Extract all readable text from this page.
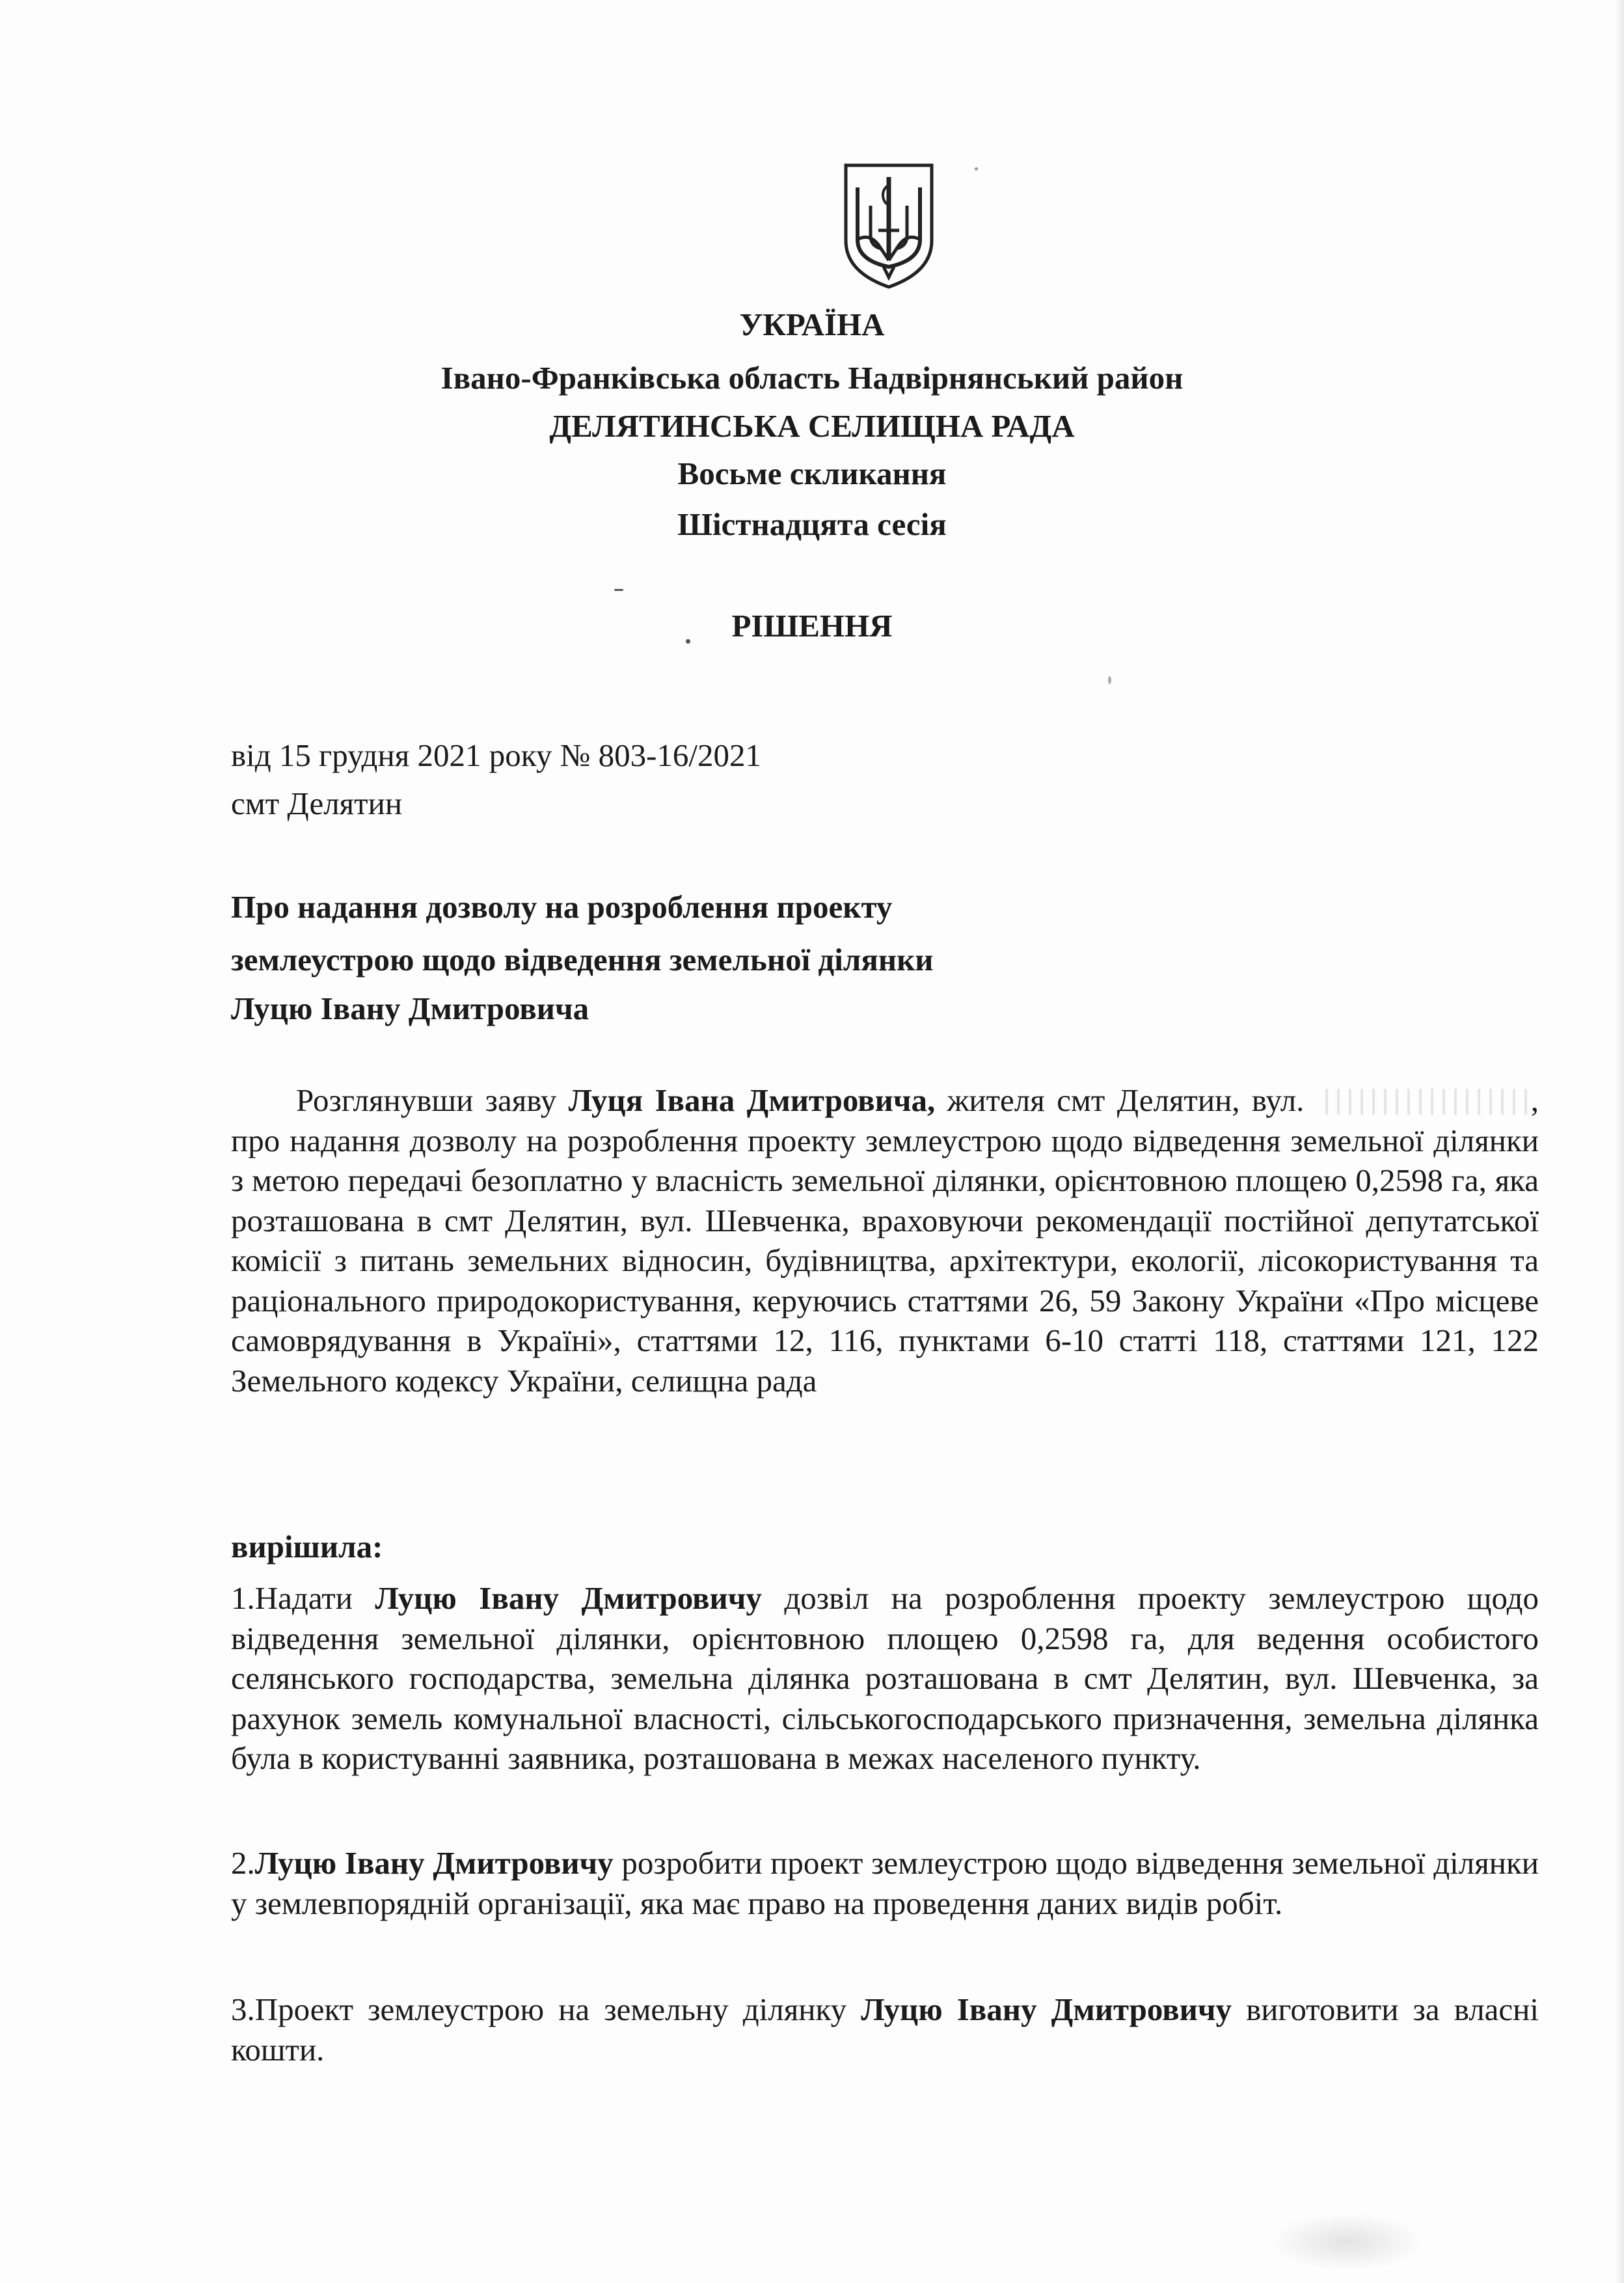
УКРАЇНА
Івано-Франківська область Надвірнянський район
ДЕЛЯТИНСЬКА СЕЛИЩНА РАДА
Восьме скликання
Шістнадцята сесія
РІШЕННЯ
від 15 грудня 2021 року № 803-16/2021
смт Делятин
Про надання дозволу на розроблення проекту
землеустрою щодо відведення земельної ділянки
Луцю Івану Дмитровича
Розглянувши заяву Луця Івана Дмитровича, жителя смт Делятин, вул.	, про надання дозволу на розроблення проекту землеустрою щодо відведення земельної ділянки з метою передачі безоплатно у власність земельної ділянки, орієнтовною площею 0,2598 га, яка розташована в смт Делятин, вул. Шевченка, враховуючи рекомендації постійної депутатської комісії з питань земельних відносин, будівництва, архітектури, екології, лісокористування та раціонального природокористування, керуючись статтями 26, 59 Закону України «Про місцеве самоврядування в Україні», статтями 12, 116, пунктами 6-10 статті 118, статтями 121, 122 Земельного кодексу України, селищна рада
вирішила:
1.Надати Луцю Івану Дмитровичу дозвіл на розроблення проекту землеустрою щодо відведення земельної ділянки, орієнтовною площею 0,2598 га, для ведення особистого селянського господарства, земельна ділянка розташована в смт Делятин, вул. Шевченка, за рахунок земель комунальної власності, сільськогосподарського призначення, земельна ділянка була в користуванні заявника, розташована в межах населеного пункту.
2.Луцю Івану Дмитровичу розробити проект землеустрою щодо відведення земельної ділянки у землевпорядній організації, яка має право на проведення даних видів робіт.
3.Проект землеустрою на земельну ділянку Луцю Івану Дмитровичу виготовити за власні кошти.
